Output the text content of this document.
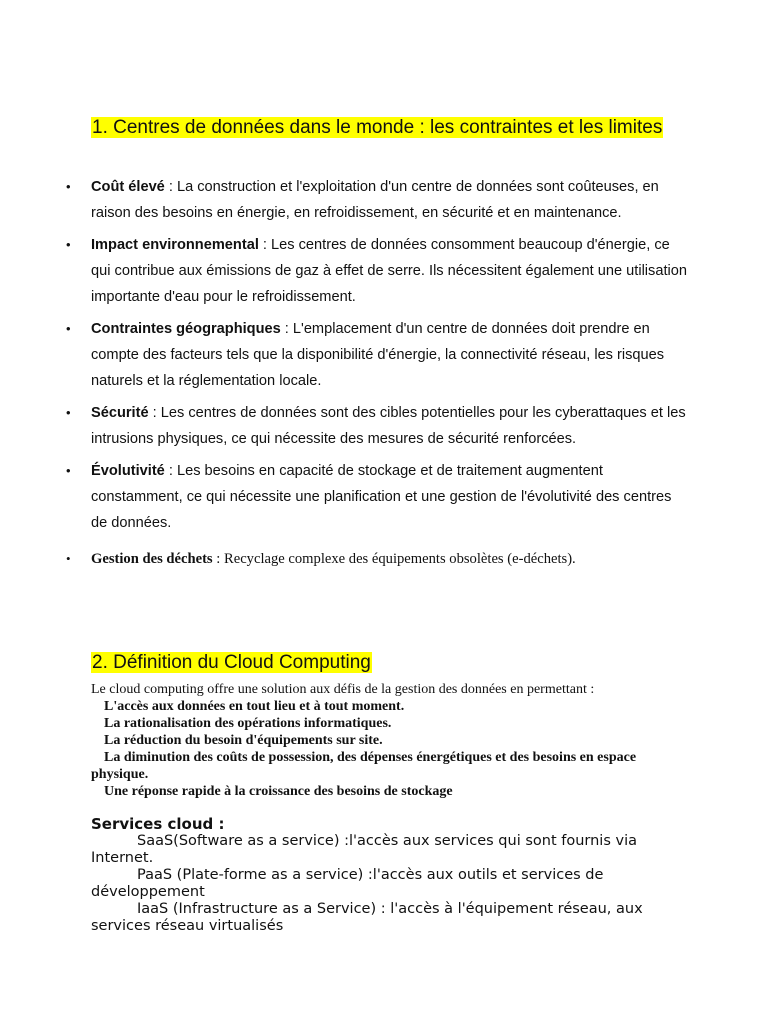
1. Centres de données dans le monde : les contraintes et les limites
• Coût élevé : La construction et l'exploitation d'un centre de données sont coûteuses, en raison des besoins en énergie, en refroidissement, en sécurité et en maintenance.
• Impact environnemental : Les centres de données consomment beaucoup d'énergie, ce qui contribue aux émissions de gaz à effet de serre. Ils nécessitent également une utilisation importante d'eau pour le refroidissement.
• Contraintes géographiques : L'emplacement d'un centre de données doit prendre en compte des facteurs tels que la disponibilité d'énergie, la connectivité réseau, les risques naturels et la réglementation locale.
• Sécurité : Les centres de données sont des cibles potentielles pour les cyberattaques et les intrusions physiques, ce qui nécessite des mesures de sécurité renforcées.
• Évolutivité : Les besoins en capacité de stockage et de traitement augmentent constamment, ce qui nécessite une planification et une gestion de l'évolutivité des centres de données.
• Gestion des déchets : Recyclage complexe des équipements obsolètes (e-déchets).
2. Définition du Cloud Computing
Le cloud computing offre une solution aux défis de la gestion des données en permettant :
L'accès aux données en tout lieu et à tout moment.
La rationalisation des opérations informatiques.
La réduction du besoin d'équipements sur site.
La diminution des coûts de possession, des dépenses énergétiques et des besoins en espace physique.
Une réponse rapide à la croissance des besoins de stockage
Services cloud :
SaaS(Software as a service) :l'accès aux services qui sont fournis via Internet.
PaaS (Plate-forme as a service) :l'accès aux outils et services de développement
IaaS (Infrastructure as a Service) : l'accès à l'équipement réseau, aux services réseau virtualisés
